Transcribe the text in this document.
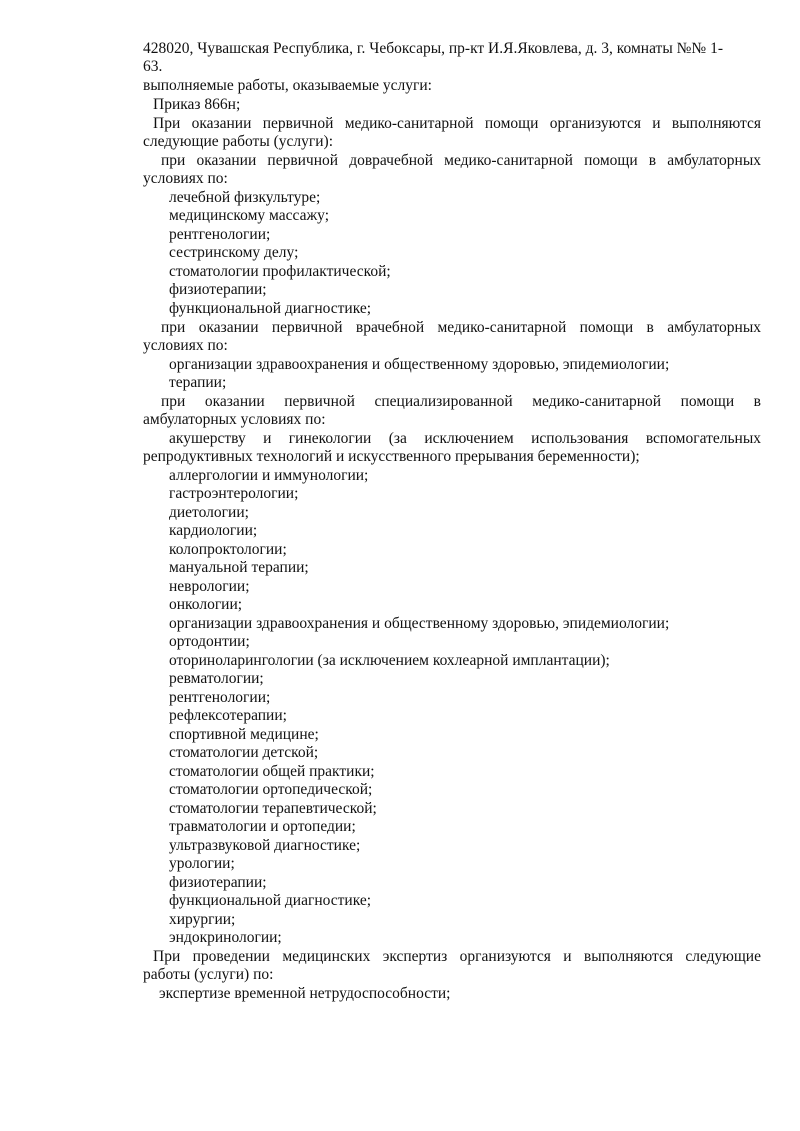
428020, Чувашская Республика, г. Чебоксары, пр-кт И.Я.Яковлева, д. 3, комнаты №№ 1-
63.
выполняемые работы, оказываемые услуги:
Приказ 866н;
При оказании первичной медико-санитарной помощи организуются и выполняются
следующие работы (услуги):
при оказании первичной доврачебной медико-санитарной помощи в амбулаторных
условиях по:
лечебной физкультуре;
медицинскому массажу;
рентгенологии;
сестринскому делу;
стоматологии профилактической;
физиотерапии;
функциональной диагностике;
при оказании первичной врачебной медико-санитарной помощи в амбулаторных
условиях по:
организации здравоохранения и общественному здоровью, эпидемиологии;
терапии;
при оказании первичной специализированной медико-санитарной помощи в
амбулаторных условиях по:
акушерству и гинекологии (за исключением использования вспомогательных
репродуктивных технологий и искусственного прерывания беременности);
аллергологии и иммунологии;
гастроэнтерологии;
диетологии;
кардиологии;
колопроктологии;
мануальной терапии;
неврологии;
онкологии;
организации здравоохранения и общественному здоровью, эпидемиологии;
ортодонтии;
оториноларингологии (за исключением кохлеарной имплантации);
ревматологии;
рентгенологии;
рефлексотерапии;
спортивной медицине;
стоматологии детской;
стоматологии общей практики;
стоматологии ортопедической;
стоматологии терапевтической;
травматологии и ортопедии;
ультразвуковой диагностике;
урологии;
физиотерапии;
функциональной диагностике;
хирургии;
эндокринологии;
При проведении медицинских экспертиз организуются и выполняются следующие
работы (услуги) по:
экспертизе временной нетрудоспособности;
